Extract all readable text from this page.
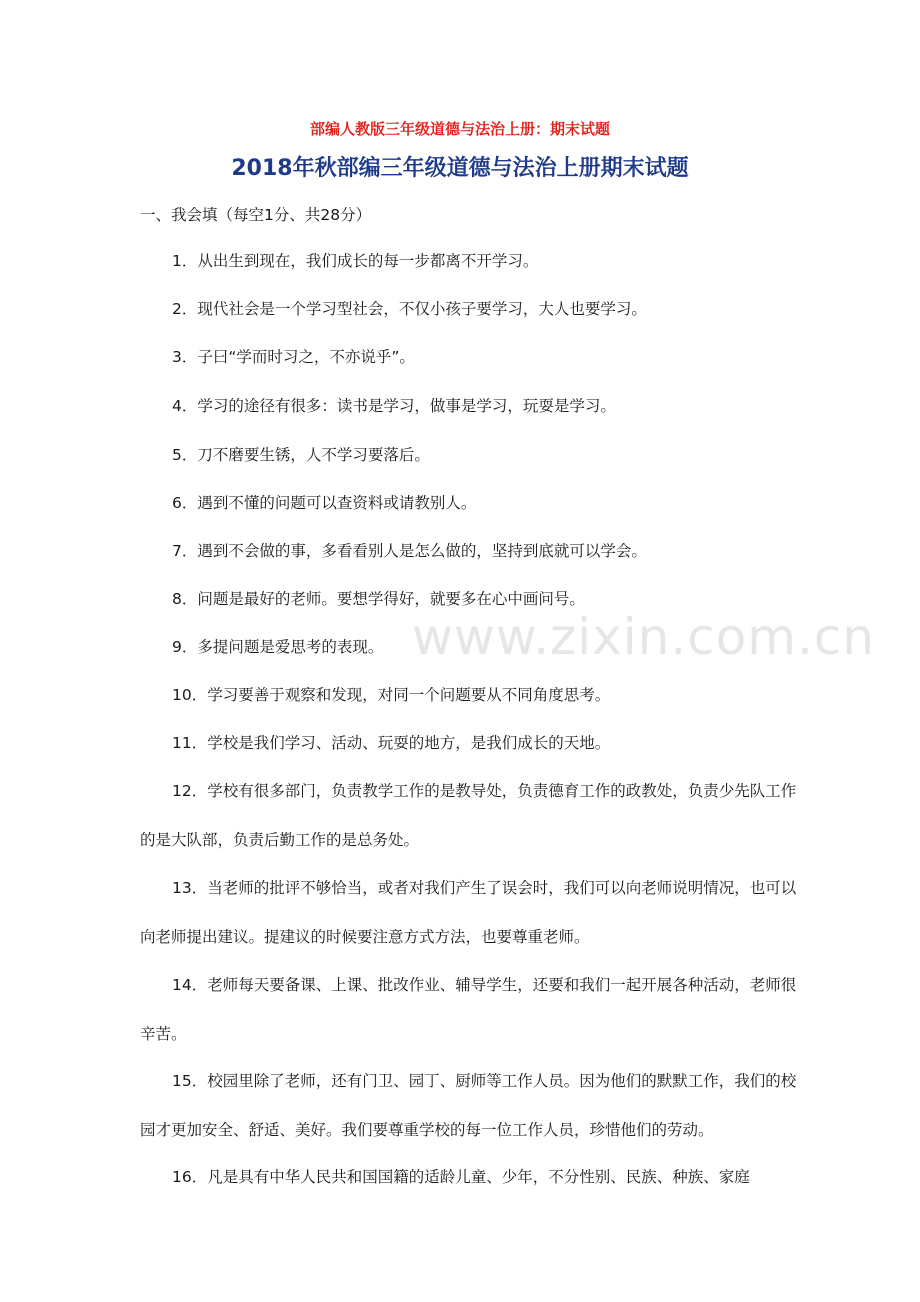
www.zixin.com.cn
部编人教版三年级道德与法治上册：期末试题
2018年秋部编三年级道德与法治上册期末试题
一、我会填（每空1分、共28分）
1．从出生到现在，我们成长的每一步都离不开学习。
2．现代社会是一个学习型社会，不仅小孩子要学习，大人也要学习。
3．子曰“学而时习之，不亦说乎”。
4．学习的途径有很多：读书是学习，做事是学习，玩耍是学习。
5．刀不磨要生锈，人不学习要落后。
6．遇到不懂的问题可以查资料或请教别人。
7．遇到不会做的事，多看看别人是怎么做的，坚持到底就可以学会。
8．问题是最好的老师。要想学得好，就要多在心中画问号。
9．多提问题是爱思考的表现。
10．学习要善于观察和发现，对同一个问题要从不同角度思考。
11．学校是我们学习、活动、玩耍的地方，是我们成长的天地。
12．学校有很多部门，负责教学工作的是教导处，负责德育工作的政教处，负责少先队工作的是大队部，负责后勤工作的是总务处。
13．当老师的批评不够恰当，或者对我们产生了误会时，我们可以向老师说明情况，也可以向老师提出建议。提建议的时候要注意方式方法，也要尊重老师。
14．老师每天要备课、上课、批改作业、辅导学生，还要和我们一起开展各种活动，老师很辛苦。
15．校园里除了老师，还有门卫、园丁、厨师等工作人员。因为他们的默默工作，我们的校园才更加安全、舒适、美好。我们要尊重学校的每一位工作人员，珍惜他们的劳动。
16．凡是具有中华人民共和国国籍的适龄儿童、少年，不分性别、民族、种族、家庭
